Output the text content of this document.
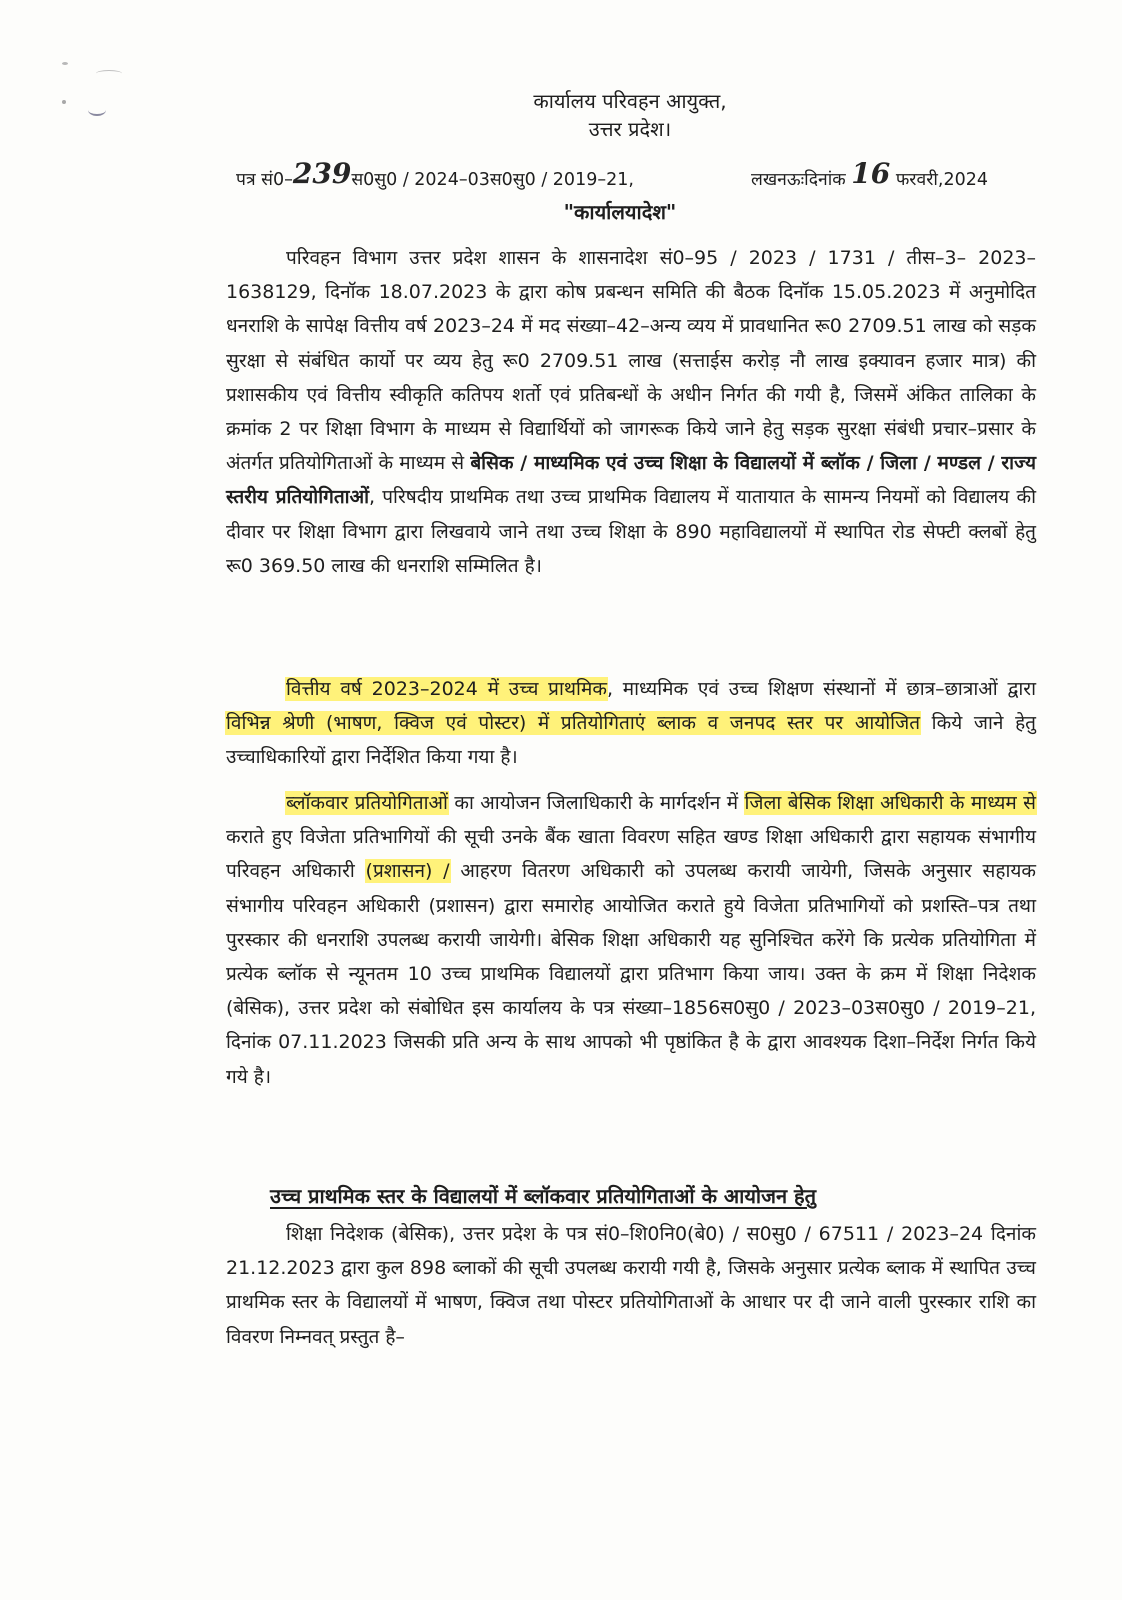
कार्यालय परिवहन आयुक्त,
उत्तर प्रदेश।
पत्र सं0–239स0सु0 / 2024–03स0सु0 / 2019–21,	लखनऊःदिनांक 16 फरवरी,2024
"कार्यालयादेश"
परिवहन विभाग उत्तर प्रदेश शासन के शासनादेश सं0–95 / 2023 / 1731 / तीस–3– 2023–1638129, दिनॉक 18.07.2023 के द्वारा कोष प्रबन्धन समिति की बैठक दिनॉक 15.05.2023 में अनुमोदित धनराशि के सापेक्ष वित्तीय वर्ष 2023–24 में मद संख्या–42–अन्य व्यय में प्रावधानित रू0 2709.51 लाख को सड़क सुरक्षा से संबंधित कार्यो पर व्यय हेतु रू0 2709.51 लाख (सत्ताईस करोड़ नौ लाख इक्यावन हजार मात्र) की प्रशासकीय एवं वित्तीय स्वीकृति कतिपय शर्तो एवं प्रतिबन्धों के अधीन निर्गत की गयी है, जिसमें अंकित तालिका के क्रमांक 2 पर शिक्षा विभाग के माध्यम से विद्यार्थियों को जागरूक किये जाने हेतु सड़क सुरक्षा संबंधी प्रचार–प्रसार के अंतर्गत प्रतियोगिताओं के माध्यम से बेसिक / माध्यमिक एवं उच्च शिक्षा के विद्यालयों में ब्लॉक / जिला / मण्डल / राज्य स्तरीय प्रतियोगिताओं, परिषदीय प्राथमिक तथा उच्च प्राथमिक विद्यालय में यातायात के सामन्य नियमों को विद्यालय की दीवार पर शिक्षा विभाग द्वारा लिखवाये जाने तथा उच्च शिक्षा के 890 महाविद्यालयों में स्थापित रोड सेफ्टी क्लबों हेतु रू0 369.50 लाख की धनराशि सम्मिलित है।
वित्तीय वर्ष 2023–2024 में उच्च प्राथमिक, माध्यमिक एवं उच्च शिक्षण संस्थानों में छात्र–छात्राओं द्वारा विभिन्न श्रेणी (भाषण, क्विज एवं पोस्टर) में प्रतियोगिताएं ब्लाक व जनपद स्तर पर आयोजित किये जाने हेतु उच्चाधिकारियों द्वारा निर्देशित किया गया है।
ब्लॉकवार प्रतियोगिताओं का आयोजन जिलाधिकारी के मार्गदर्शन में जिला बेसिक शिक्षा अधिकारी के माध्यम से कराते हुए विजेता प्रतिभागियों की सूची उनके बैंक खाता विवरण सहित खण्ड शिक्षा अधिकारी द्वारा सहायक संभागीय परिवहन अधिकारी (प्रशासन) / आहरण वितरण अधिकारी को उपलब्ध करायी जायेगी, जिसके अनुसार सहायक संभागीय परिवहन अधिकारी (प्रशासन) द्वारा समारोह आयोजित कराते हुये विजेता प्रतिभागियों को प्रशस्ति–पत्र तथा पुरस्कार की धनराशि उपलब्ध करायी जायेगी। बेसिक शिक्षा अधिकारी यह सुनिश्चित करेंगे कि प्रत्येक प्रतियोगिता में प्रत्येक ब्लॉक से न्यूनतम 10 उच्च प्राथमिक विद्यालयों द्वारा प्रतिभाग किया जाय। उक्त के क्रम में शिक्षा निदेशक (बेसिक), उत्तर प्रदेश को संबोधित इस कार्यालय के पत्र संख्या–1856स0सु0 / 2023–03स0सु0 / 2019–21, दिनांक 07.11.2023 जिसकी प्रति अन्य के साथ आपको भी पृष्ठांकित है के द्वारा आवश्यक दिशा–निर्देश निर्गत किये गये है।
उच्च प्राथमिक स्तर के विद्यालयों में ब्लॉकवार प्रतियोगिताओं के आयोजन हेतु
शिक्षा निदेशक (बेसिक), उत्तर प्रदेश के पत्र सं0–शि0नि0(बे0) / स0सु0 / 67511 / 2023–24 दिनांक 21.12.2023 द्वारा कुल 898 ब्लाकों की सूची उपलब्ध करायी गयी है, जिसके अनुसार प्रत्येक ब्लाक में स्थापित उच्च प्राथमिक स्तर के विद्यालयों में भाषण, क्विज तथा पोस्टर प्रतियोगिताओं के आधार पर दी जाने वाली पुरस्कार राशि का विवरण निम्नवत् प्रस्तुत है–
